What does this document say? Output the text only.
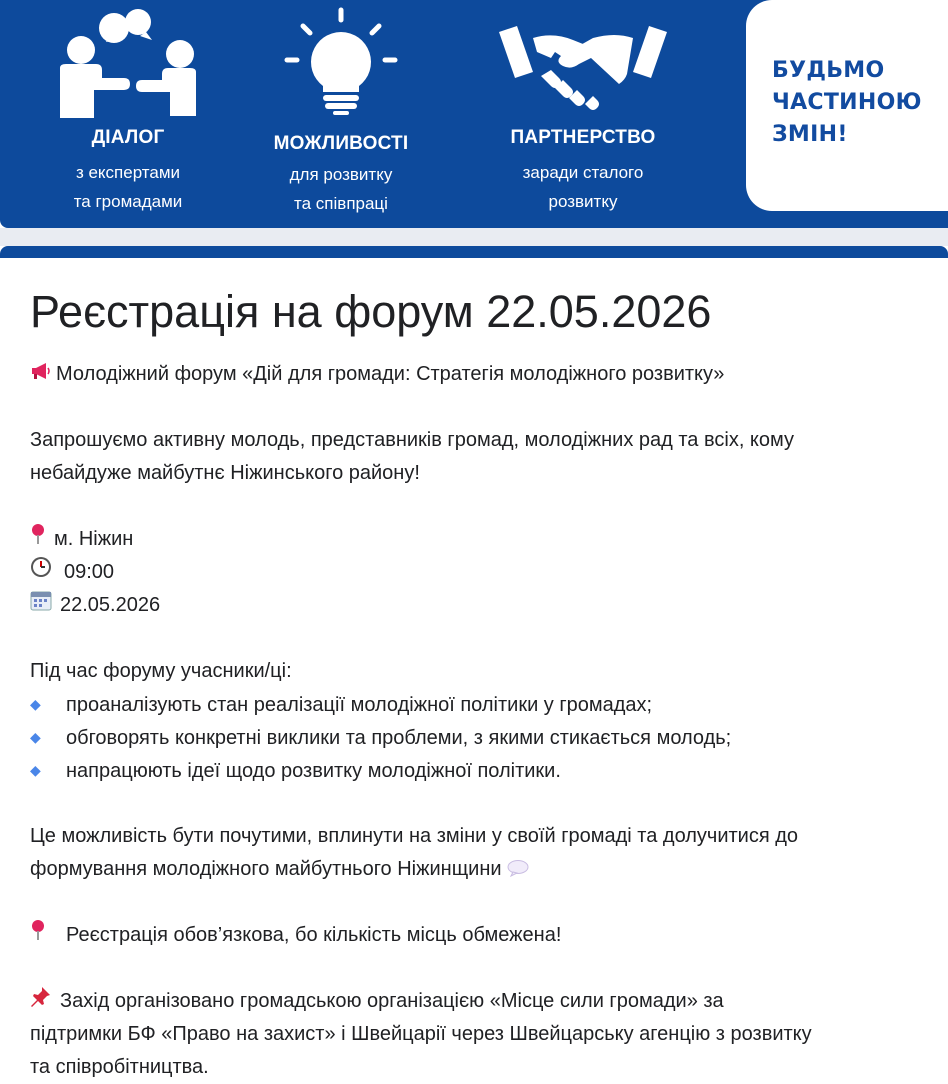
ДІАЛОГ
з експертами
та громадами
МОЖЛИВОСТІ
для розвитку
та співпраці
ПАРТНЕРСТВО
заради сталого
розвитку
БУДЬМО
ЧАСТИНОЮ
ЗМІН!
Реєстрація на форум 22.05.2026
Молодіжний форум «Дій для громади: Стратегія молодіжного розвитку»
Запрошуємо активну молодь, представників громад, молодіжних рад та всіх, кому
небайдуже майбутнє Ніжинського району!
м. Ніжин
09:00
22.05.2026
Під час форуму учасники/ці:
◆ проаналізують стан реалізації молодіжної політики у громадах;
◆ обговорять конкретні виклики та проблеми, з якими стикається молодь;
◆ напрацюють ідеї щодо розвитку молодіжної політики.
Це можливість бути почутими, вплинути на зміни у своїй громаді та долучитися до
формування молодіжного майбутнього Ніжинщини
Реєстрація обов’язкова, бо кількість місць обмежена!
Захід організовано громадською організацією «Місце сили громади» за
підтримки БФ «Право на захист» і Швейцарії через Швейцарську агенцію з розвитку
та співробітництва.
